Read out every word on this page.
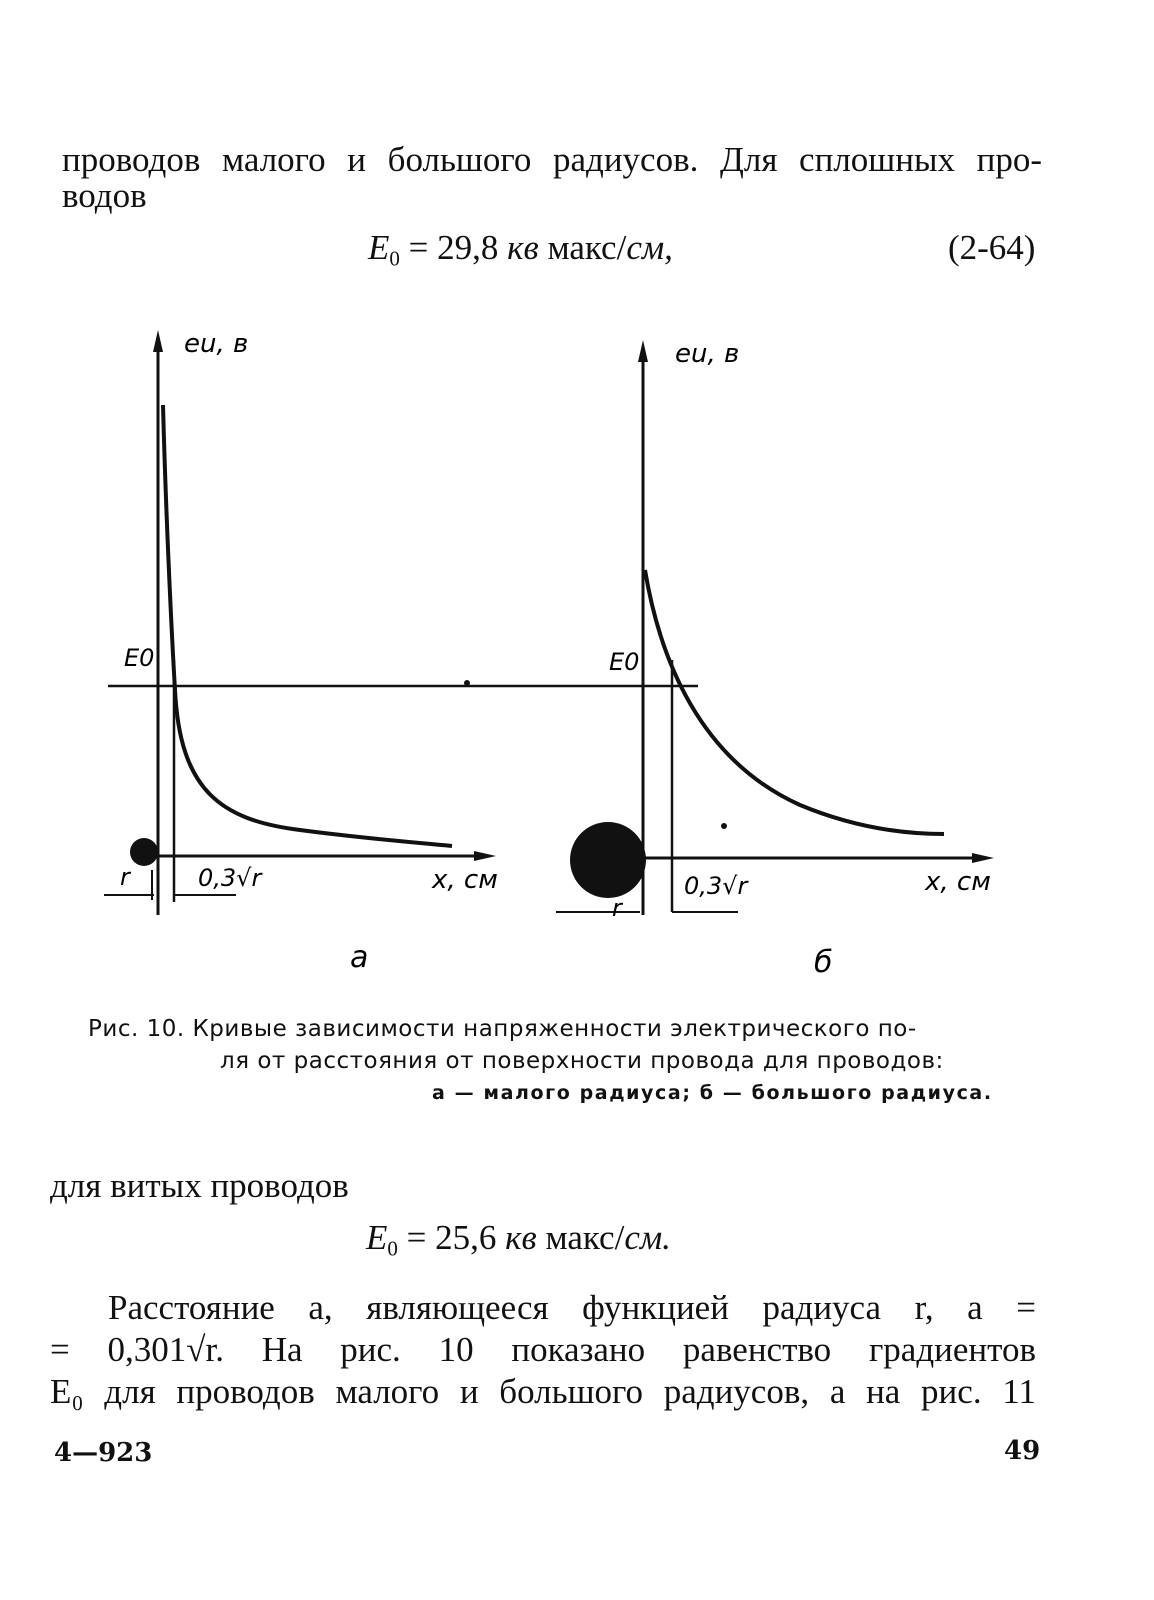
проводов малого и большого радиусов. Для сплошных про-
водов
$E_0 = 29,8$ кв макс/см,	(2-64)
eu, в
E0
r	0,3√r	x, см
а
eu, в
E0
r
0,3√r	x, см
б
Рис. 10. Кривые зависимости напряженности электрического по-
ля от расстояния от поверхности провода для проводов:
а — малого радиуса; б — большого радиуса.
для витых проводов
$E_0 = 25,6$ кв макс/см.
Расстояние a, являющееся функцией радиуса r, a =
= 0,301√r. На рис. 10 показано равенство градиентов
E₀ для проводов малого и большого радиусов, а на рис. 11
4—923	49
